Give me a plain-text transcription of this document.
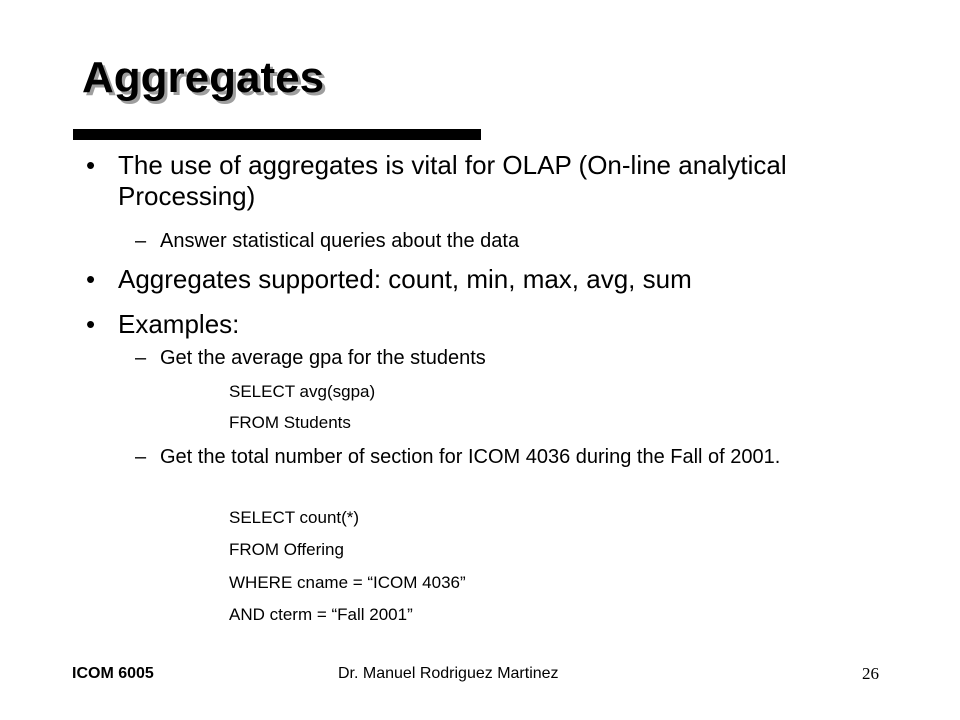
Aggregates
• The use of aggregates is vital for OLAP (On-line analytical Processing)
– Answer statistical queries about the data
• Aggregates supported: count, min, max, avg, sum
• Examples:
– Get the average gpa for the students
SELECT avg(sgpa)
FROM Students
– Get the total number of section for ICOM 4036 during the Fall of 2001.
SELECT count(*)
FROM Offering
WHERE cname = “ICOM 4036”
AND cterm = “Fall 2001”
ICOM 6005	Dr. Manuel Rodriguez Martinez	26
